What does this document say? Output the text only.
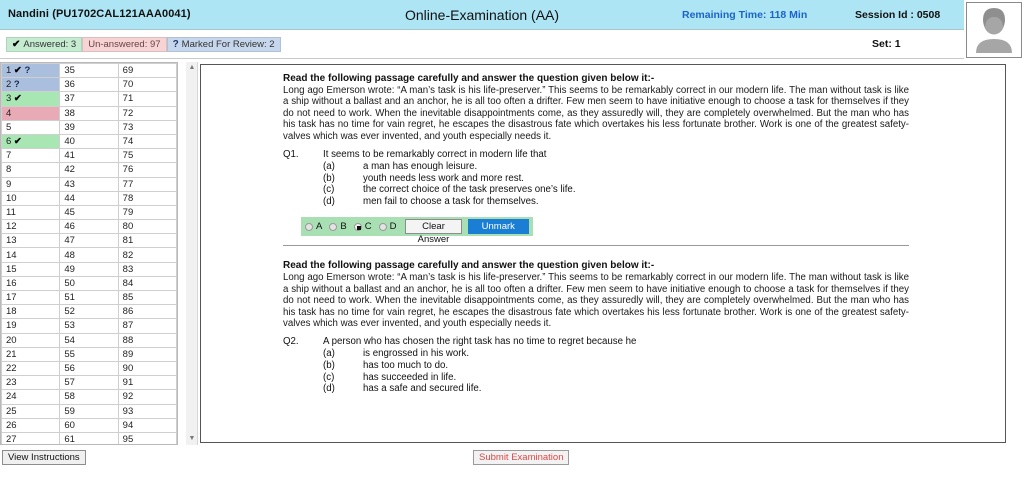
Nandini (PU1702CAL121AAA0041)	Online-Examination (AA)	Remaining Time: 118 Min	Session Id : 0508
✔ Answered: 3 Un-answered: 97 ? Marked For Review: 2	Set: 1
1 ✔ ?	35	69
2 ?	36	70
3 ✔	37	71
4	38	72
5	39	73
6 ✔	40	74
7	41	75
8	42	76
9	43	77
10	44	78
11	45	79
12	46	80
13	47	81
14	48	82
15	49	83
16	50	84
17	51	85
18	52	86
19	53	87
20	54	88
21	55	89
22	56	90
23	57	91
24	58	92
25	59	93
26	60	94
27	61	95
▲
▼
Read the following passage carefully and answer the question given below it:-
Long ago Emerson wrote: “A man’s task is his life-preserver.” This seems to be remarkably correct in our modern life. The man without task is like a ship without a ballast and an anchor, he is all too often a drifter. Few men seem to have initiative enough to choose a task for themselves if they do not need to work. When the inevitable disappointments come, as they assuredly will, they are completely overwhelmed. But the man who has his task has no time for vain regret, he escapes the disastrous fate which overtakes his less fortunate brother. Work is one of the greatest safety-valves which was ever invented, and youth especially needs it.
Q1.	It seems to be remarkably correct in modern life that
(a)	a man has enough leisure.
(b)	youth needs less work and more rest.
(c)	the correct choice of the task preserves one’s life.
(d)	men fail to choose a task for themselves.
A B C D	Clear Answer
Unmark
Read the following passage carefully and answer the question given below it:-
Long ago Emerson wrote: “A man’s task is his life-preserver.” This seems to be remarkably correct in our modern life. The man without task is like a ship without a ballast and an anchor, he is all too often a drifter. Few men seem to have initiative enough to choose a task for themselves if they do not need to work. When the inevitable disappointments come, as they assuredly will, they are completely overwhelmed. But the man who has his task has no time for vain regret, he escapes the disastrous fate which overtakes his less fortunate brother. Work is one of the greatest safety-valves which was ever invented, and youth especially needs it.
Q2.	A person who has chosen the right task has no time to regret because he
(a)	is engrossed in his work.
(b)	has too much to do.
(c)	has succeeded in life.
(d)	has a safe and secured life.
View Instructions	Submit Examination
